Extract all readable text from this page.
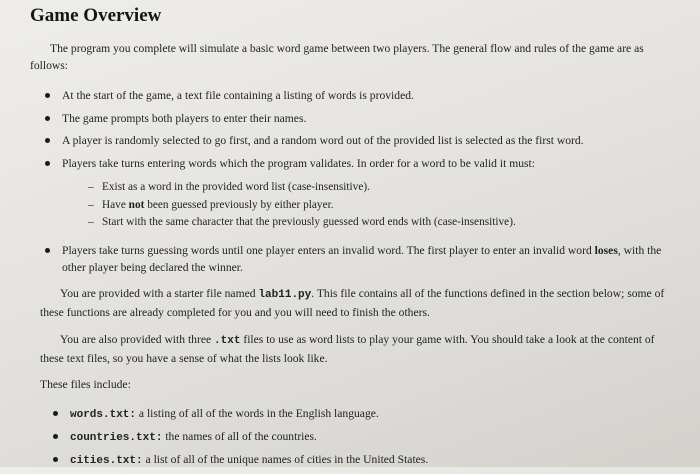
Game Overview
The program you complete will simulate a basic word game between two players. The general flow and rules of the game are as follows:
At the start of the game, a text file containing a listing of words is provided.
The game prompts both players to enter their names.
A player is randomly selected to go first, and a random word out of the provided list is selected as the first word.
Players take turns entering words which the program validates. In order for a word to be valid it must:
– Exist as a word in the provided word list (case-insensitive).
– Have not been guessed previously by either player.
– Start with the same character that the previously guessed word ends with (case-insensitive).
Players take turns guessing words until one player enters an invalid word. The first player to enter an invalid word loses, with the other player being declared the winner.
You are provided with a starter file named lab11.py. This file contains all of the functions defined in the section below; some of these functions are already completed for you and you will need to finish the others.
You are also provided with three .txt files to use as word lists to play your game with. You should take a look at the content of these text files, so you have a sense of what the lists look like.
These files include:
words.txt: a listing of all of the words in the English language.
countries.txt: the names of all of the countries.
cities.txt: a list of all of the unique names of cities in the United States.
